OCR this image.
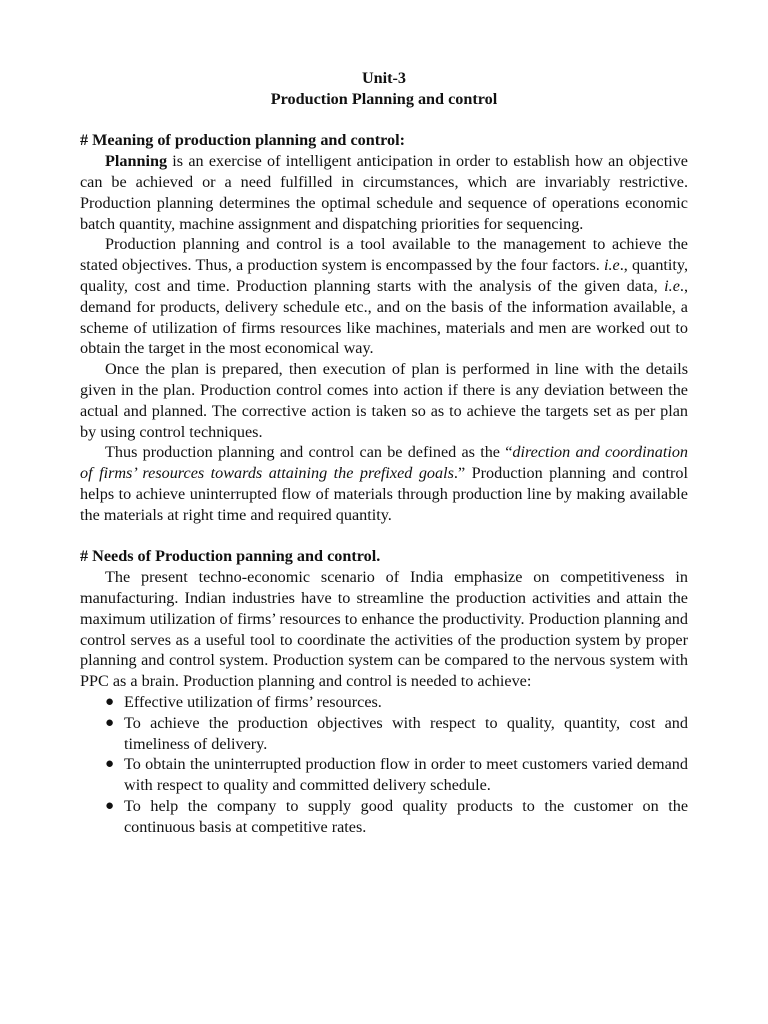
Unit-3
Production Planning and control
# Meaning of production planning and control:

Planning is an exercise of intelligent anticipation in order to establish how an objective can be achieved or a need fulfilled in circumstances, which are invariably restrictive. Production planning determines the optimal schedule and sequence of operations economic batch quantity, machine assignment and dispatching priorities for sequencing.

Production planning and control is a tool available to the management to achieve the stated objectives. Thus, a production system is encompassed by the four factors. i.e., quantity, quality, cost and time. Production planning starts with the analysis of the given data, i.e., demand for products, delivery schedule etc., and on the basis of the information available, a scheme of utilization of firms resources like machines, materials and men are worked out to obtain the target in the most economical way.

Once the plan is prepared, then execution of plan is performed in line with the details given in the plan. Production control comes into action if there is any deviation between the actual and planned. The corrective action is taken so as to achieve the targets set as per plan by using control techniques.

Thus production planning and control can be defined as the “direction and coordination of firms’ resources towards attaining the prefixed goals.” Production planning and control helps to achieve uninterrupted flow of materials through production line by making available the materials at right time and required quantity.

# Needs of Production panning and control.

The present techno-economic scenario of India emphasize on competitiveness in manufacturing. Indian industries have to streamline the production activities and attain the maximum utilization of firms’ resources to enhance the productivity. Production planning and control serves as a useful tool to coordinate the activities of the production system by proper planning and control system. Production system can be compared to the nervous system with PPC as a brain. Production planning and control is needed to achieve:

● Effective utilization of firms’ resources.
● To achieve the production objectives with respect to quality, quantity, cost and timeliness of delivery.
● To obtain the uninterrupted production flow in order to meet customers varied demand with respect to quality and committed delivery schedule.
● To help the company to supply good quality products to the customer on the continuous basis at competitive rates.
